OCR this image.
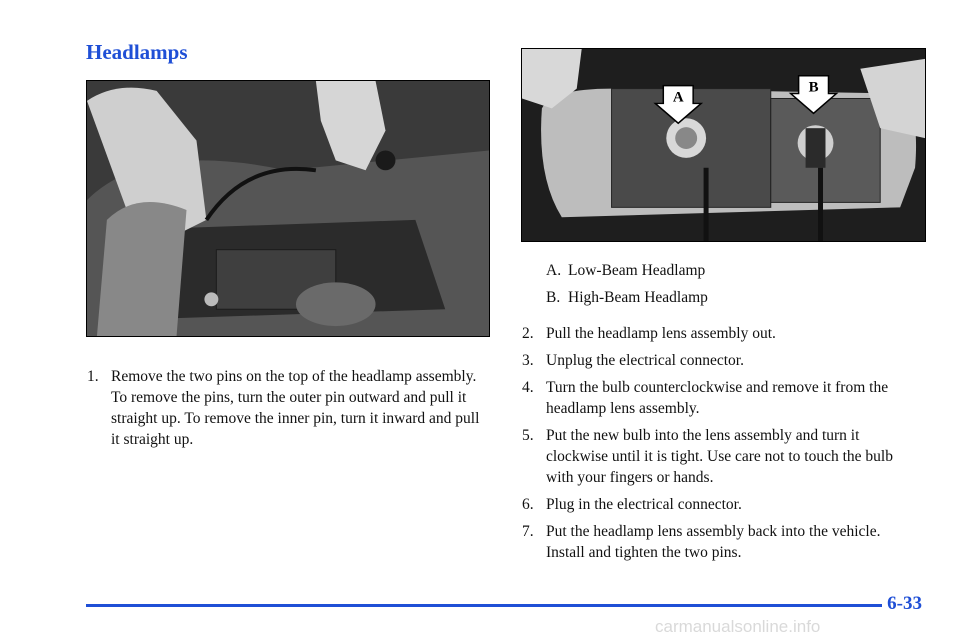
Headlamps
A
B
A. Low-Beam Headlamp
B. High-Beam Headlamp
1. Remove the two pins on the top of the headlamp assembly. To remove the pins, turn the outer pin outward and pull it straight up. To remove the inner pin, turn it inward and pull it straight up.
2. Pull the headlamp lens assembly out.
3. Unplug the electrical connector.
4. Turn the bulb counterclockwise and remove it from the headlamp lens assembly.
5. Put the new bulb into the lens assembly and turn it clockwise until it is tight. Use care not to touch the bulb with your fingers or hands.
6. Plug in the electrical connector.
7. Put the headlamp lens assembly back into the vehicle. Install and tighten the two pins.
6-33
carmanualsonline.info
